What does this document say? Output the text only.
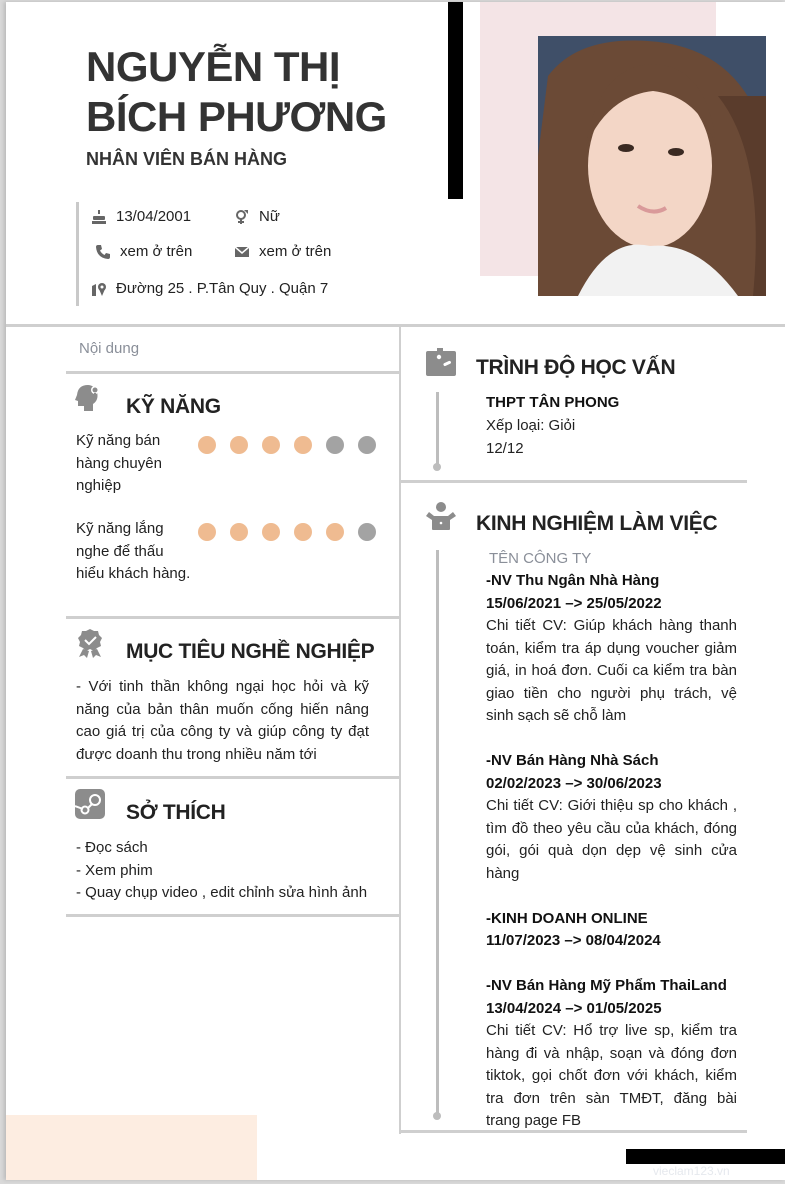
NGUYỄN THỊ BÍCH PHƯƠNG
NHÂN VIÊN BÁN HÀNG
13/04/2001	Nữ
xem ở trên	xem ở trên
Đường 25 . P.Tân Quy . Quận 7
Nội dung
KỸ NĂNG
Kỹ năng bán hàng chuyên nghiệp
Kỹ năng lắng nghe để thấu hiểu khách hàng.
MỤC TIÊU NGHỀ NGHIỆP
- Với tinh thần không ngại học hỏi và kỹ năng của bản thân muốn cống hiến nâng cao giá trị của công ty và giúp công ty đạt được doanh thu trong nhiều năm tới
SỞ THÍCH
- Đọc sách
- Xem phim
- Quay chụp video , edit chỉnh sửa hình ảnh
TRÌNH ĐỘ HỌC VẤN
THPT TÂN PHONG
Xếp loại: Giỏi
12/12
KINH NGHIỆM LÀM VIỆC
TÊN CÔNG TY
-NV Thu Ngân Nhà Hàng
15/06/2021 –> 25/05/2022
Chi tiết CV: Giúp khách hàng thanh toán, kiểm tra áp dụng voucher giảm giá, in hoá đơn. Cuối ca kiểm tra bàn giao tiền cho người phụ trách, vệ sinh sạch sẽ chỗ làm
-NV Bán Hàng Nhà Sách
02/02/2023 –> 30/06/2023
Chi tiết CV: Giới thiệu sp cho khách , tìm đồ theo yêu cầu của khách, đóng gói, gói quà dọn dẹp vệ sinh cửa hàng
-KINH DOANH ONLINE
11/07/2023 –> 08/04/2024
-NV Bán Hàng Mỹ Phẩm ThaiLand
13/04/2024 –> 01/05/2025
Chi tiết CV: Hổ trợ live sp, kiểm tra hàng đi và nhập, soạn và đóng đơn tiktok, gọi chốt đơn với khách, kiểm tra đơn trên sàn TMĐT, đăng bài trang page FB
vieclam123.vn
